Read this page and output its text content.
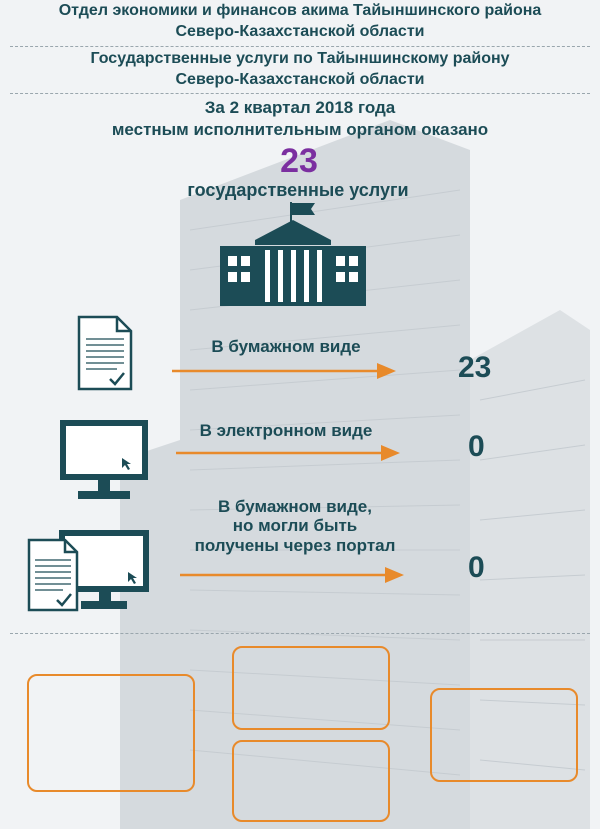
Отдел экономики и финансов акима Тайыншинского района
Северо-Казахстанской области
Государственные услуги по Тайыншинскому району
Северо-Казахстанской области
За 2 квартал 2018 года
местным исполнительным органом оказано
23
государственные услуги
В бумажном виде
23
В электронном виде	0
В бумажном виде,
но могли быть
получены через портал
0
